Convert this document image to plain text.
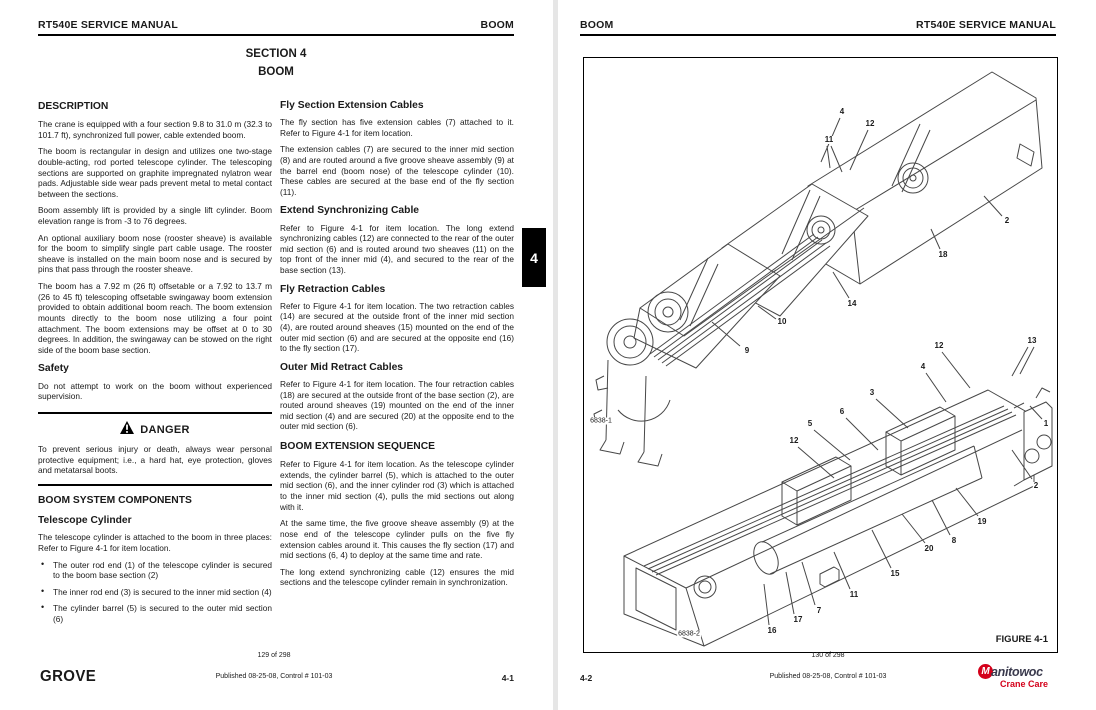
RT540E SERVICE MANUAL	BOOM
SECTION 4
BOOM
DESCRIPTION
The crane is equipped with a four section 9.8 to 31.0 m (32.3 to 101.7 ft), synchronized full power, cable extended boom.
The boom is rectangular in design and utilizes one two-stage double-acting, rod ported telescope cylinder. The telescoping sections are supported on graphite impregnated nylatron wear pads. Adjustable side wear pads prevent metal to metal contact between the sections.
Boom assembly lift is provided by a single lift cylinder. Boom elevation range is from -3 to 76 degrees.
An optional auxiliary boom nose (rooster sheave) is available for the boom to simplify single part cable usage. The rooster sheave is installed on the main boom nose and is secured by pins that pass through the rooster sheave.
The boom has a 7.92 m (26 ft) offsetable or a 7.92 to 13.7 m (26 to 45 ft) telescoping offsetable swingaway boom extension provided to obtain additional boom reach. The boom extension mounts directly to the boom nose utilizing a four point attachment. The boom extensions may be offset at 0 to 30 degrees. In addition, the swingaway can be stowed on the right side of the boom base section.
Safety
Do not attempt to work on the boom without experienced supervision.
DANGER
To prevent serious injury or death, always wear personal protective equipment; i.e., a hard hat, eye protection, gloves and metatarsal boots.
BOOM SYSTEM COMPONENTS
Telescope Cylinder
The telescope cylinder is attached to the boom in three places: Refer to Figure 4-1 for item location.
• The outer rod end (1) of the telescope cylinder is secured to the boom base section (2)
• The inner rod end (3) is secured to the inner mid section (4)
• The cylinder barrel (5) is secured to the outer mid section (6)
Fly Section Extension Cables
The fly section has five extension cables (7) attached to it. Refer to Figure 4-1 for item location.
The extension cables (7) are secured to the inner mid section (8) and are routed around a five groove sheave assembly (9) at the barrel end (boom nose) of the telescope cylinder (10). These cables are secured at the base end of the fly section (11).
Extend Synchronizing Cable
Refer to Figure 4-1 for item location. The long extend synchronizing cables (12) are connected to the rear of the outer mid section (6) and is routed around two sheaves (11) on the top front of the inner mid (4), and secured to the rear of the base section (13).
Fly Retraction Cables
Refer to Figure 4-1 for item location. The two retraction cables (14) are secured at the outside front of the inner mid section (4), are routed around sheaves (15) mounted on the end of the outer mid section (6) and are secured at the opposite end (16) to the fly section (17).
Outer Mid Retract Cables
Refer to Figure 4-1 for item location. The four retraction cables (18) are secured at the outside front of the base section (2), are routed around sheaves (19) mounted on the end of the inner mid section (4) and are secured (20) at the opposite end to the outer mid section (6).
BOOM EXTENSION SEQUENCE
Refer to Figure 4-1 for item location. As the telescope cylinder extends, the cylinder barrel (5), which is attached to the outer mid section (6), and the inner cylinder rod (3) which is attached to the inner mid section (4), pulls the mid sections out along with it.
At the same time, the five groove sheave assembly (9) at the nose end of the telescope cylinder pulls on the five fly extension cables around it. This causes the fly section (17) and mid sections (6, 4) to deploy at the same time and rate.
The long extend synchronizing cable (12) ensures the mid sections and the telescope cylinder remain in synchronization.
4
129 of 298
GROVE	Published 08-25-08, Control # 101-03	4-1
BOOM	RT540E SERVICE MANUAL
4
12
11
2
18
14
10
9
12
13
4
3
6
5
12
1
2
19
8
20
15
11
7
17
16
6838-1
6838-2	FIGURE 4-1
130 of 298
4-2	Published 08-25-08, Control # 101-03	M anitowoc
Crane Care
